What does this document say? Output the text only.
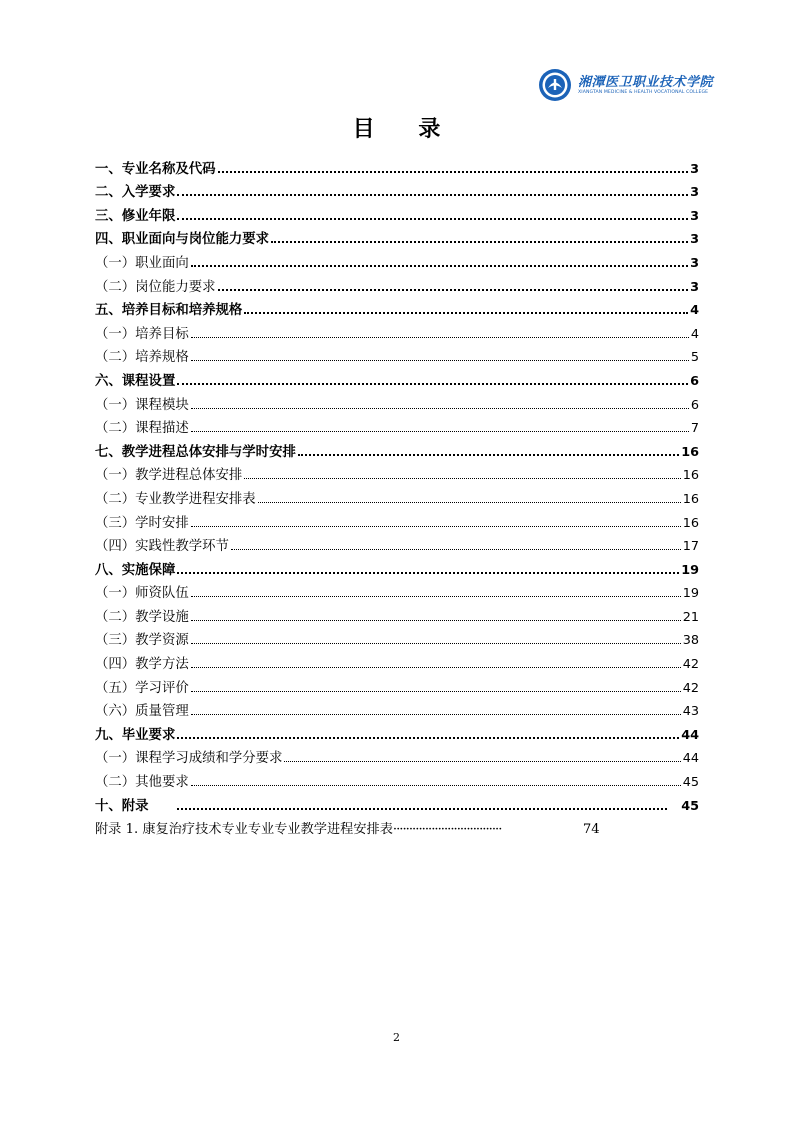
湘潭医卫职业技术学院
XIANGTAN MEDICINE & HEALTH VOCATIONAL COLLEGE
目 录
一、专业名称及代码	3
二、入学要求	3
三、修业年限	3
四、职业面向与岗位能力要求	3
（一）职业面向	3
（二）岗位能力要求	3
五、培养目标和培养规格	4
（一）培养目标	4
（二）培养规格	5
六、课程设置	6
（一）课程模块	6
（二）课程描述	7
七、教学进程总体安排与学时安排	16
（一）教学进程总体安排	16
（二）专业教学进程安排表	16
（三）学时安排	16
（四）实践性教学环节	17
八、实施保障	19
（一）师资队伍	19
（二）教学设施	21
（三）教学资源	38
（四）教学方法	42
（五）学习评价	42
（六）质量管理	43
九、毕业要求	44
（一）课程学习成绩和学分要求	44
（二）其他要求	45
十、附录	45
附录 1. 康复治疗技术专业专业专业教学进程安排表 ··································	74
2
